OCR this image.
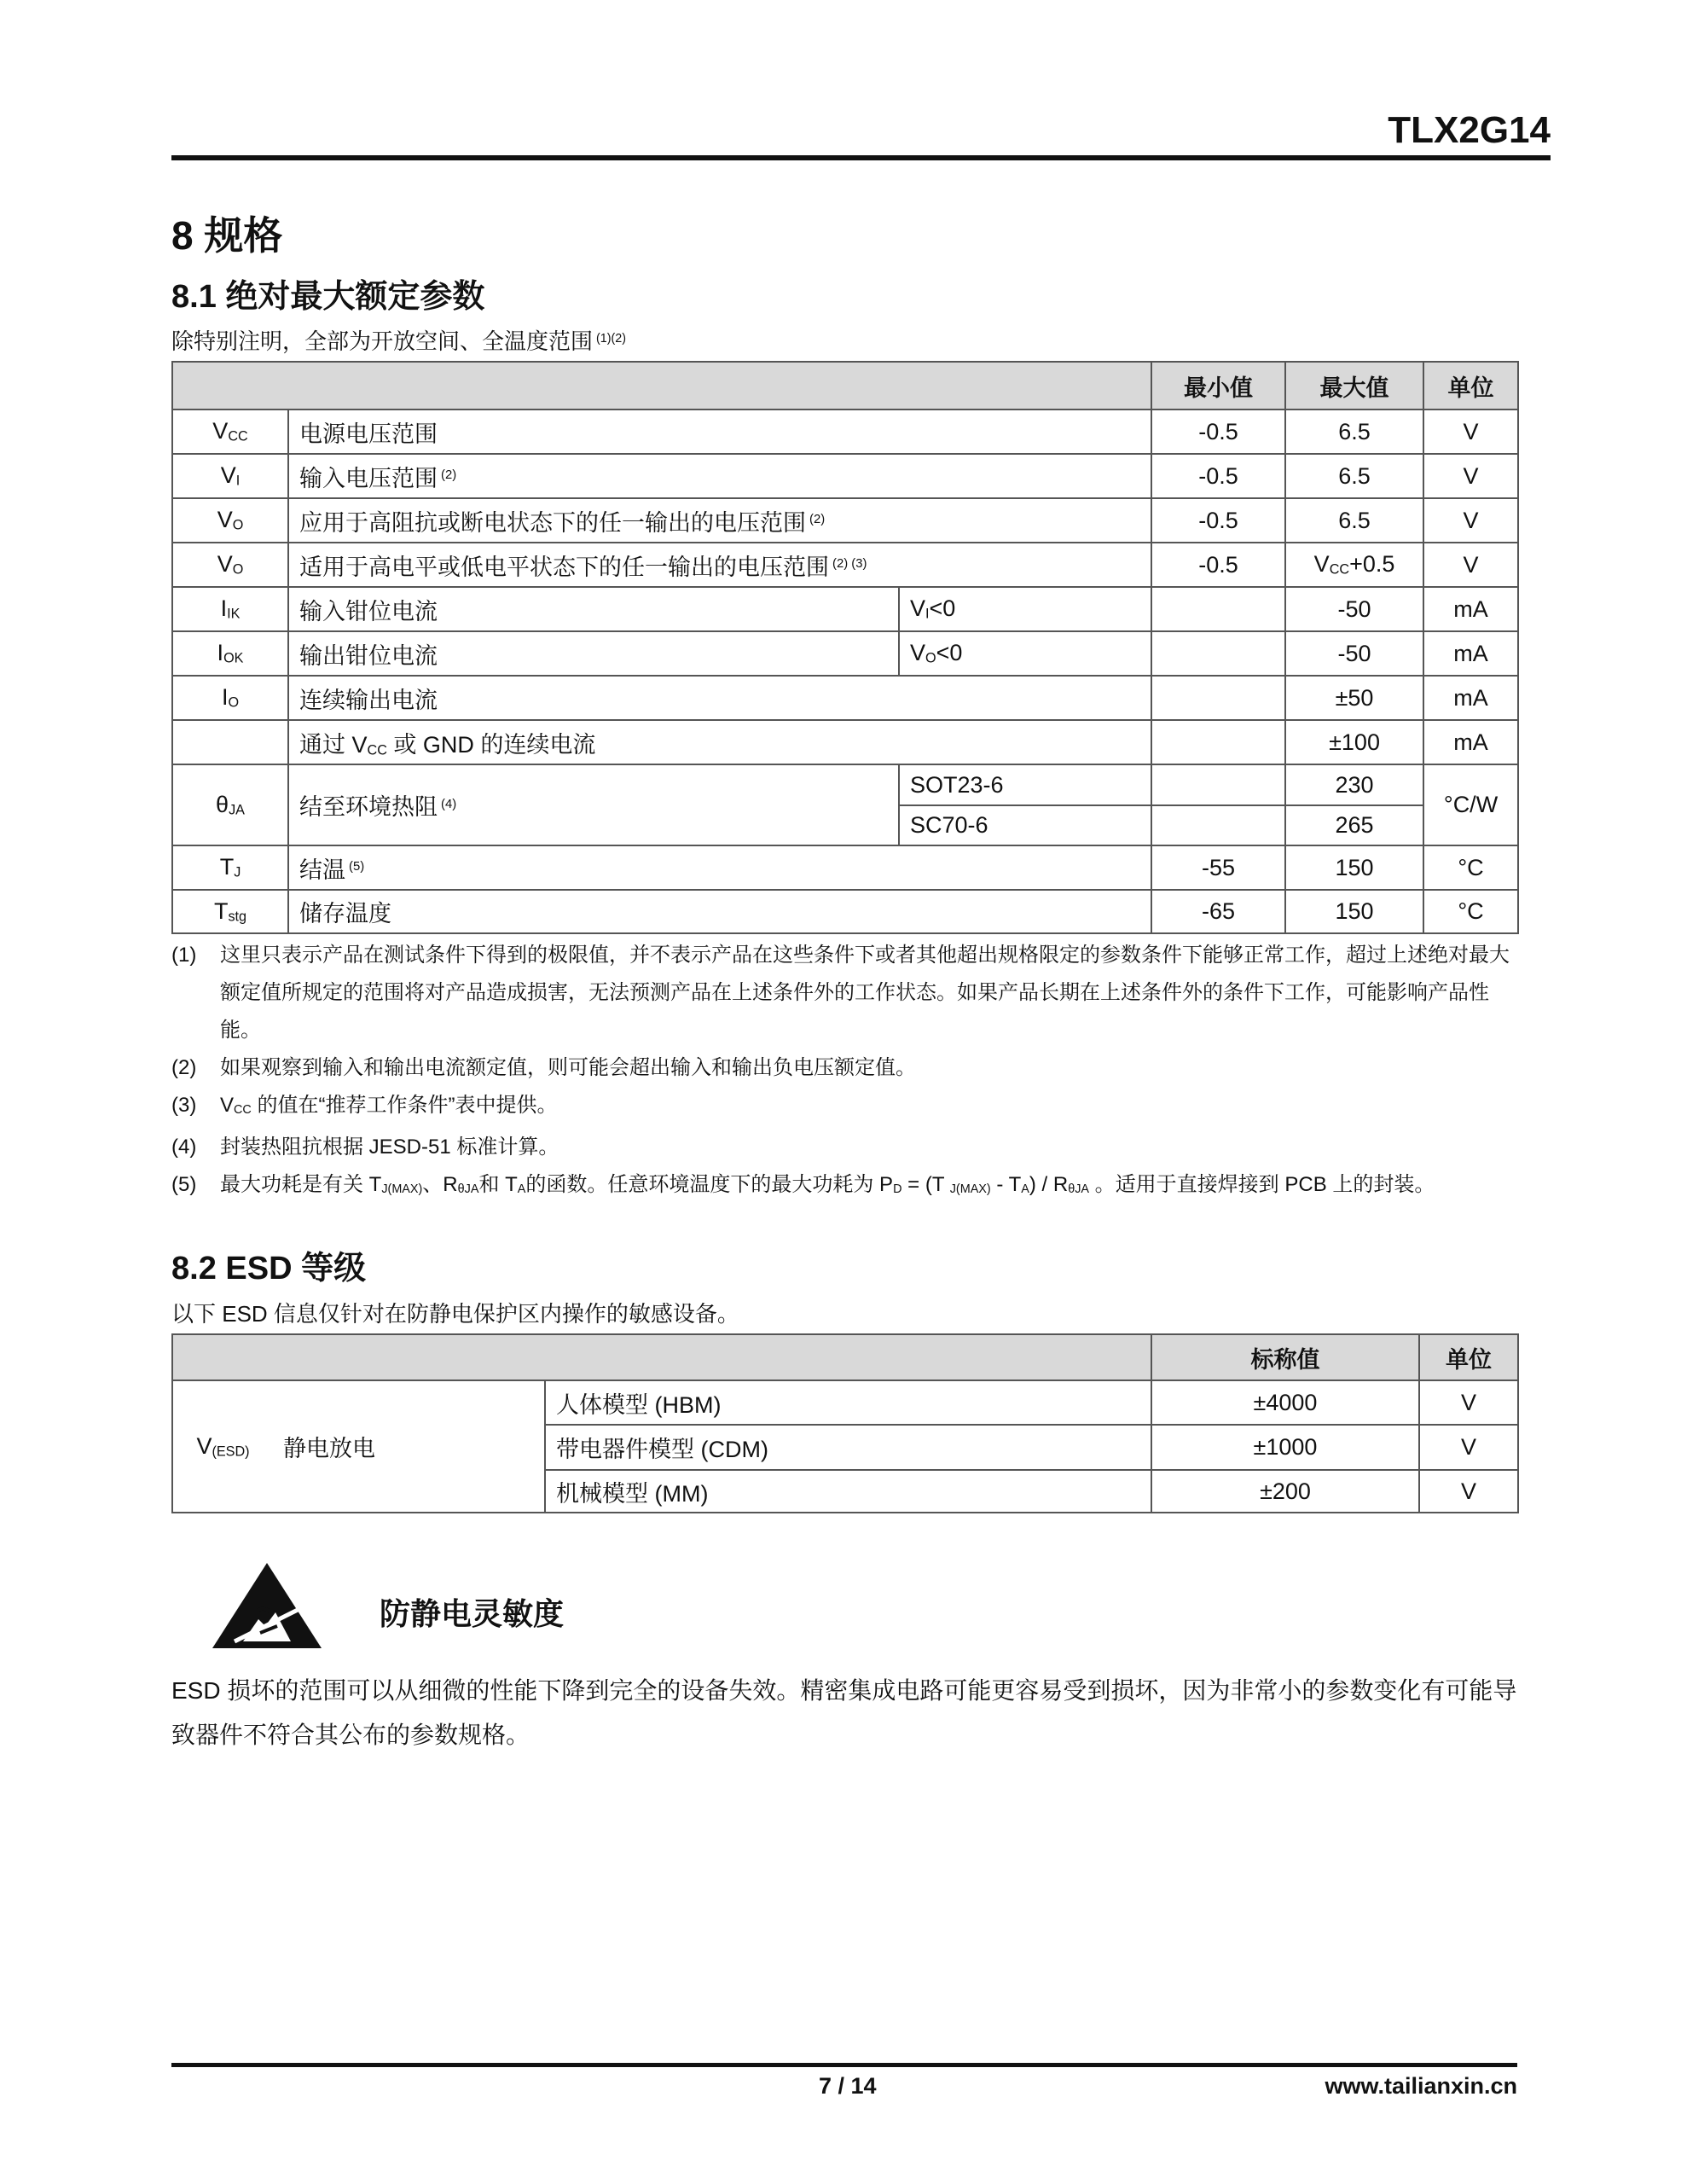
TLX2G14
8 规格
8.1 绝对最大额定参数
除特别注明，全部为开放空间、全温度范围 $^{(1)(2)}$
			最小值	最大值	单位
VCC	电源电压范围		-0.5	6.5	V
VI	输入电压范围 $^{(2)}$		-0.5	6.5	V
VO	应用于高阻抗或断电状态下的任一输出的电压范围 $^{(2)}$		-0.5	6.5	V
VO	适用于高电平或低电平状态下的任一输出的电压范围 $^{(2) (3)}$		-0.5	VCC+0.5	V
IIK	输入钳位电流	VI<0		-50	mA
IOK	输出钳位电流	VO<0		-50	mA
IO	连续输出电流			±50	mA
	通过 VCC 或 GND 的连续电流			±100	mA
θJA	结至环境热阻 $^{(4)}$	SOT23-6		230	°C/W
		SC70-6		265	
TJ	结温 $^{(5)}$		-55	150	°C
Tstg	储存温度		-65	150	°C
(1)	这里只表示产品在测试条件下得到的极限值，并不表示产品在这些条件下或者其他超出规格限定的参数条件下能够正常工作，超过上述绝对最大额定值所规定的范围将对产品造成损害，无法预测产品在上述条件外的工作状态。如果产品长期在上述条件外的条件下工作，可能影响产品性能。
(2)	如果观察到输入和输出电流额定值，则可能会超出输入和输出负电压额定值。
(3)	VCC 的值在“推荐工作条件”表中提供。
(4)	封装热阻抗根据 JESD-51 标准计算。
(5)	最大功耗是有关 TJ(MAX)、RθJA和 TA的函数。任意环境温度下的最大功耗为 PD = (T J(MAX) - TA) / RθJA 。适用于直接焊接到 PCB 上的封装。
8.2 ESD 等级
以下 ESD 信息仅针对在防静电保护区内操作的敏感设备。
			标称值	单位
V(ESD)	静电放电	人体模型 (HBM)	±4000	V
		带电器件模型 (CDM)	±1000	V
		机械模型 (MM)	±200	V
防静电灵敏度
ESD 损坏的范围可以从细微的性能下降到完全的设备失效。精密集成电路可能更容易受到损坏，因为非常小的参数变化有可能导致器件不符合其公布的参数规格。
7 / 14	www.tailianxin.cn
